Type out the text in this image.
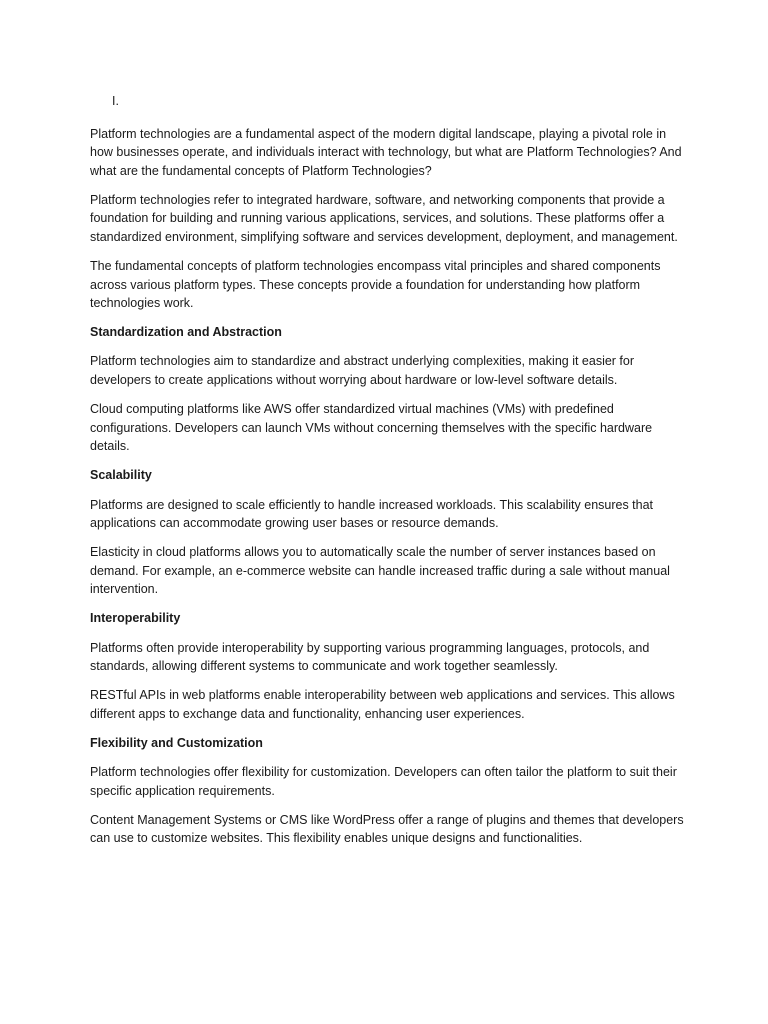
I.

Platform technologies are a fundamental aspect of the modern digital landscape, playing a pivotal role in how businesses operate, and individuals interact with technology, but what are Platform Technologies? And what are the fundamental concepts of Platform Technologies?

Platform technologies refer to integrated hardware, software, and networking components that provide a foundation for building and running various applications, services, and solutions. These platforms offer a standardized environment, simplifying software and services development, deployment, and management.

The fundamental concepts of platform technologies encompass vital principles and shared components across various platform types. These concepts provide a foundation for understanding how platform technologies work.

Standardization and Abstraction

Platform technologies aim to standardize and abstract underlying complexities, making it easier for developers to create applications without worrying about hardware or low-level software details.

Cloud computing platforms like AWS offer standardized virtual machines (VMs) with predefined configurations. Developers can launch VMs without concerning themselves with the specific hardware details.

Scalability

Platforms are designed to scale efficiently to handle increased workloads. This scalability ensures that applications can accommodate growing user bases or resource demands.

Elasticity in cloud platforms allows you to automatically scale the number of server instances based on demand. For example, an e-commerce website can handle increased traffic during a sale without manual intervention.

Interoperability

Platforms often provide interoperability by supporting various programming languages, protocols, and standards, allowing different systems to communicate and work together seamlessly.

RESTful APIs in web platforms enable interoperability between web applications and services. This allows different apps to exchange data and functionality, enhancing user experiences.

Flexibility and Customization

Platform technologies offer flexibility for customization. Developers can often tailor the platform to suit their specific application requirements.

Content Management Systems or CMS like WordPress offer a range of plugins and themes that developers can use to customize websites. This flexibility enables unique designs and functionalities.
